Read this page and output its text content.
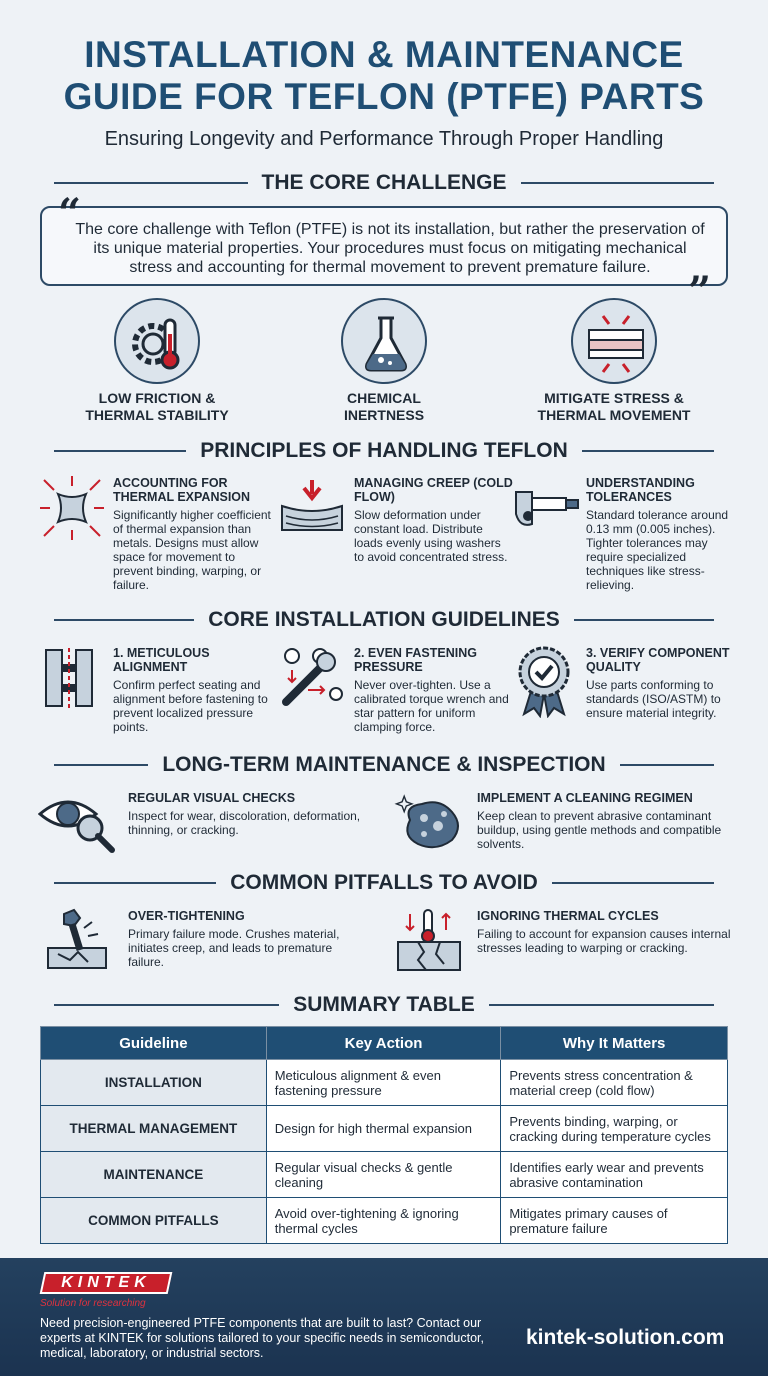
INSTALLATION & MAINTENANCE
GUIDE FOR TEFLON (PTFE) PARTS
Ensuring Longevity and Performance Through Proper Handling
THE CORE CHALLENGE
The core challenge with Teflon (PTFE) is not its installation, but rather the preservation of its unique material properties. Your procedures must focus on mitigating mechanical stress and accounting for thermal movement to prevent premature failure.
“
”
LOW FRICTION &
THERMAL STABILITY
CHEMICAL
INERTNESS
MITIGATE STRESS &
THERMAL MOVEMENT
PRINCIPLES OF HANDLING TEFLON
ACCOUNTING FOR THERMAL EXPANSION

Significantly higher coefficient of thermal expansion than metals. Designs must allow space for movement to prevent binding, warping, or failure.

MANAGING CREEP (COLD FLOW)

Slow deformation under constant load. Distribute loads evenly using washers to avoid concentrated stress.

UNDERSTANDING TOLERANCES

Standard tolerance around 0.13 mm (0.005 inches). Tighter tolerances may require specialized techniques like stress-relieving.

CORE INSTALLATION GUIDELINES
1. METICULOUS ALIGNMENT

Confirm perfect seating and alignment before fastening to prevent localized pressure points.

2. EVEN FASTENING PRESSURE

Never over-tighten. Use a calibrated torque wrench and star pattern for uniform clamping force.

3. VERIFY COMPONENT QUALITY

Use parts conforming to standards (ISO/ASTM) to ensure material integrity.

LONG-TERM MAINTENANCE & INSPECTION
REGULAR VISUAL CHECKS

Inspect for wear, discoloration, deformation, thinning, or cracking.

IMPLEMENT A CLEANING REGIMEN

Keep clean to prevent abrasive contaminant buildup, using gentle methods and compatible solvents.

COMMON PITFALLS TO AVOID
OVER-TIGHTENING

Primary failure mode. Crushes material, initiates creep, and leads to premature failure.

IGNORING THERMAL CYCLES

Failing to account for expansion causes internal stresses leading to warping or cracking.

SUMMARY TABLE
Guideline	Key Action	Why It Matters
INSTALLATION	Meticulous alignment & even fastening pressure	Prevents stress concentration & material creep (cold flow)
THERMAL MANAGEMENT	Design for high thermal expansion	Prevents binding, warping, or cracking during temperature cycles
MAINTENANCE	Regular visual checks & gentle cleaning	Identifies early wear and prevents abrasive contamination
COMMON PITFALLS	Avoid over-tightening & ignoring thermal cycles	Mitigates primary causes of premature failure
KINTEK
Solution for researching
Need precision-engineered PTFE components that are built to last? Contact our experts at KINTEK for solutions tailored to your specific needs in semiconductor, medical, laboratory, or industrial sectors.
kintek-solution.com
